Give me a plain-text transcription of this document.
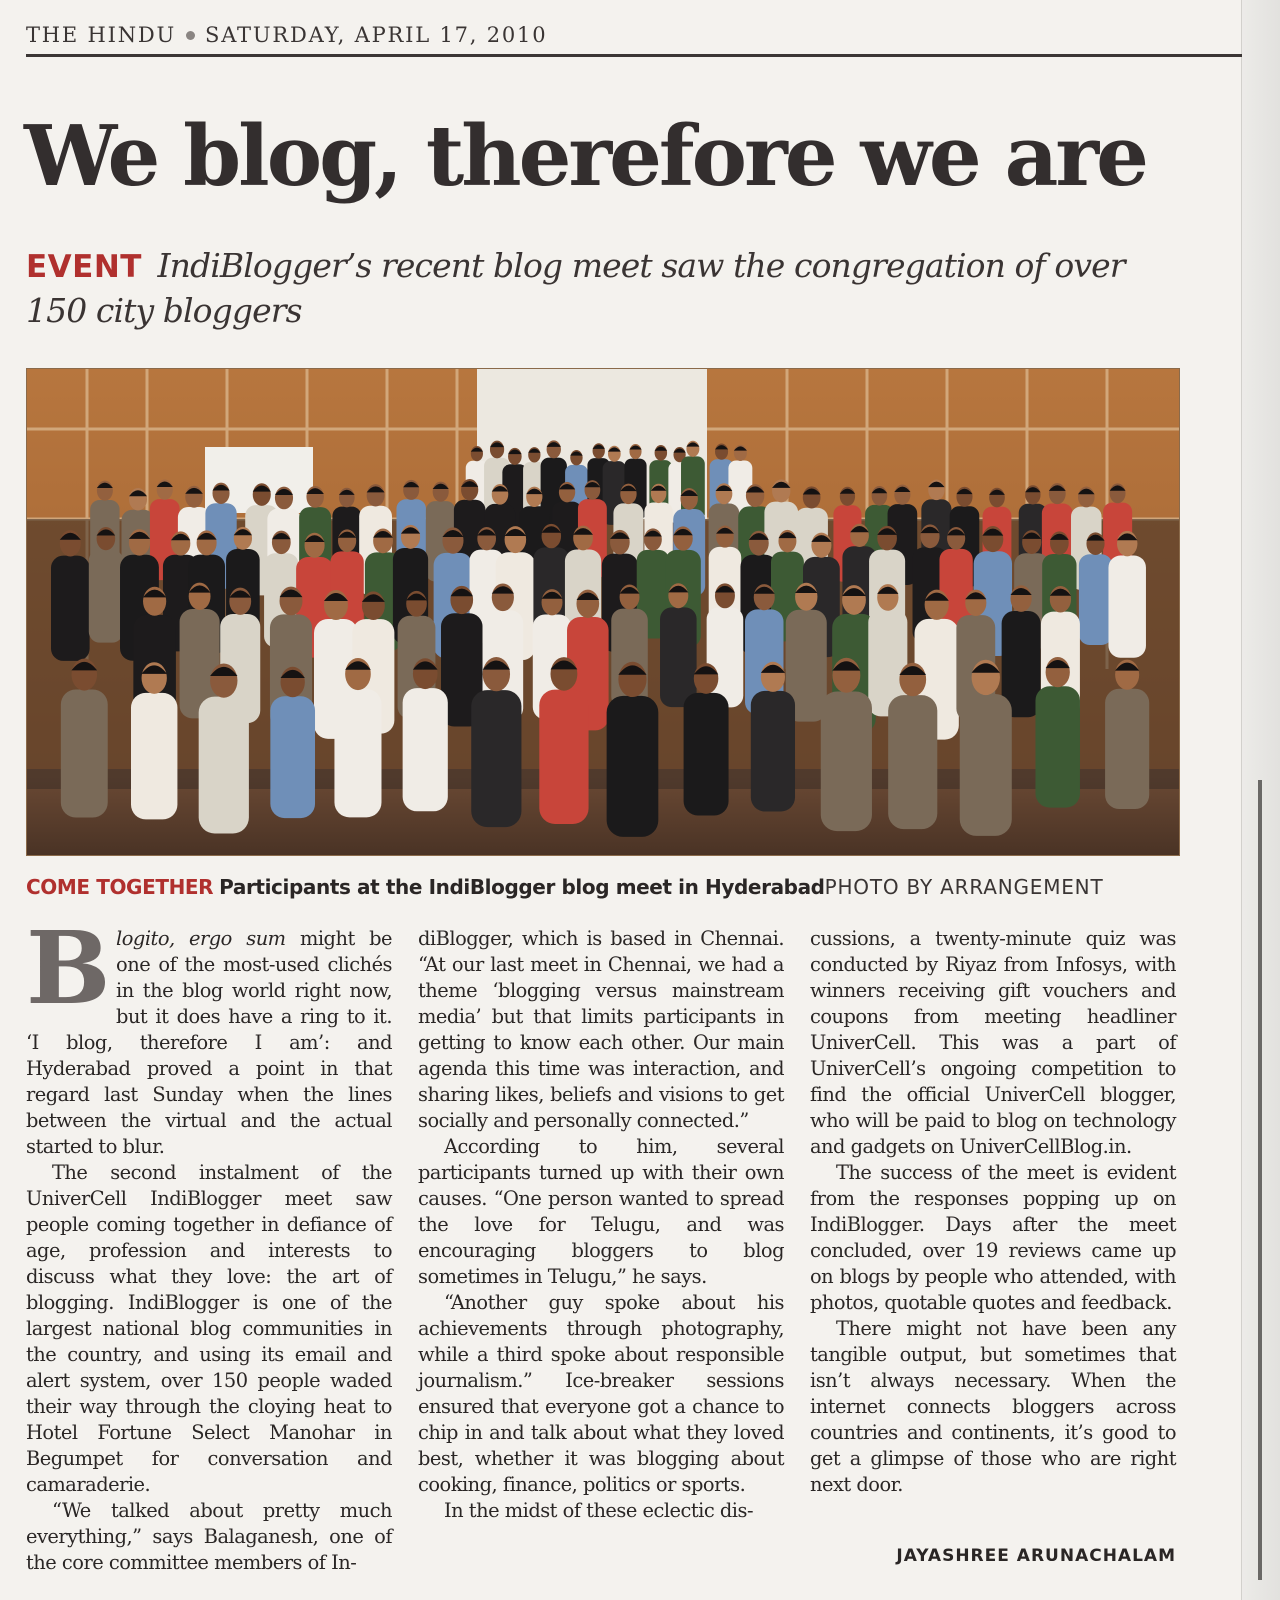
THE HINDU SATURDAY, APRIL 17, 2010
We blog, therefore we are
EVENT IndiBlogger’s recent blog meet saw the congregation of over 150 city bloggers
COME TOGETHER Participants at the IndiBlogger blog meet in HyderabadPHOTO BY ARRANGEMENT

Blogito, ergo sum might be one of the most-used clichés in the blog world right now, but it does have a ring to it. ‘I blog, therefore I am’: and Hyderabad proved a point in that regard last Sunday when the lines between the virtual and the actual started to blur.

The second instalment of the UniverCell IndiBlogger meet saw people coming together in defiance of age, profession and interests to discuss what they love: the art of blogging. IndiBlogger is one of the largest national blog communities in the country, and using its email and alert system, over 150 people waded their way through the cloying heat to Hotel Fortune Select Manohar in Begumpet for conversation and camaraderie.

“We talked about pretty much everything,” says Balaganesh, one of the core committee members of In-

diBlogger, which is based in Chennai. “At our last meet in Chennai, we had a theme ‘blogging versus mainstream media’ but that limits participants in getting to know each other. Our main agenda this time was interaction, and sharing likes, beliefs and visions to get socially and personally connected.”

According to him, several participants turned up with their own causes. “One person wanted to spread the love for Telugu, and was encouraging bloggers to blog sometimes in Telugu,” he says.

“Another guy spoke about his achievements through photography, while a third spoke about responsible journalism.” Ice-breaker sessions ensured that everyone got a chance to chip in and talk about what they loved best, whether it was blogging about cooking, finance, politics or sports.

In the midst of these eclectic dis-

cussions, a twenty-minute quiz was conducted by Riyaz from Infosys, with winners receiving gift vouchers and coupons from meeting headliner UniverCell. This was a part of UniverCell’s ongoing competition to find the official UniverCell blogger, who will be paid to blog on technology and gadgets on UniverCellBlog.in.

The success of the meet is evident from the responses popping up on IndiBlogger. Days after the meet concluded, over 19 reviews came up on blogs by people who attended, with photos, quotable quotes and feedback.

There might not have been any tangible output, but sometimes that isn’t always necessary. When the internet connects bloggers across countries and continents, it’s good to get a glimpse of those who are right next door.

JAYASHREE ARUNACHALAM
